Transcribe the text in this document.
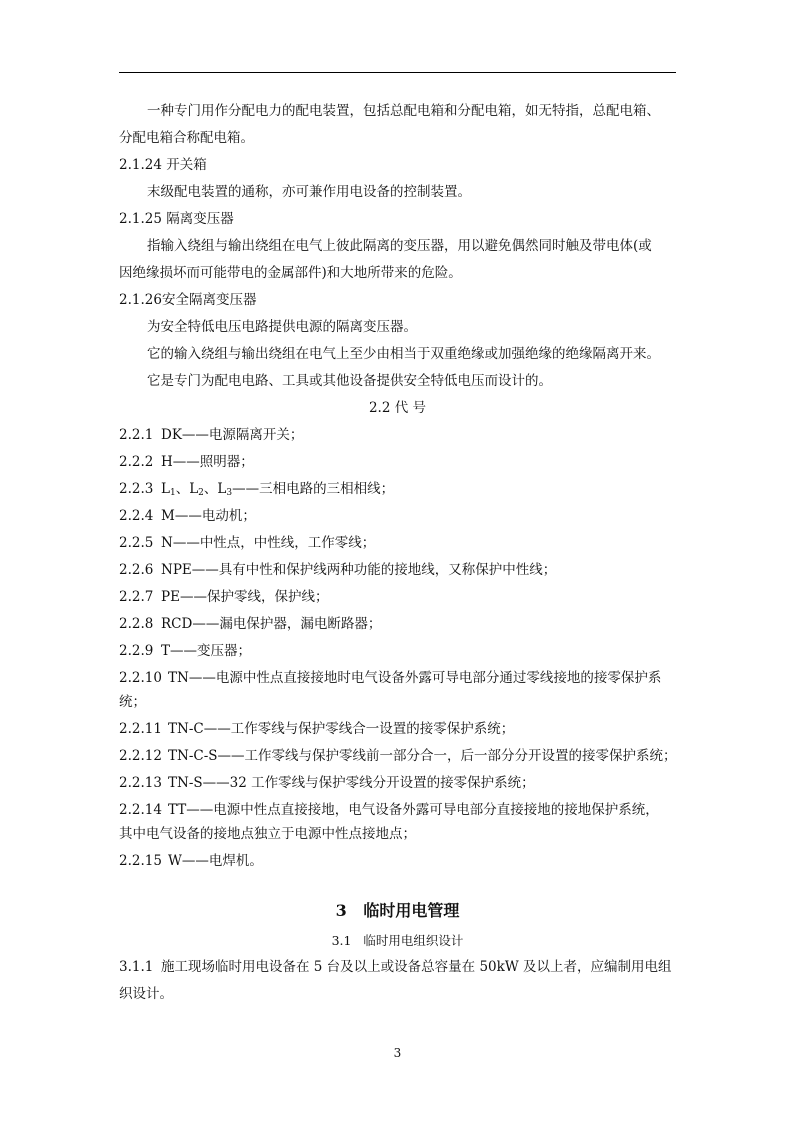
一种专门用作分配电力的配电装置，包括总配电箱和分配电箱，如无特指，总配电箱、
分配电箱合称配电箱。
2.1.24 开关箱
末级配电装置的通称，亦可兼作用电设备的控制装置。
2.1.25 隔离变压器
指输入绕组与输出绕组在电气上彼此隔离的变压器，用以避免偶然同时触及带电体(或
因绝缘损坏而可能带电的金属部件)和大地所带来的危险。
2.1.26安全隔离变压器
为安全特低电压电路提供电源的隔离变压器。
它的输入绕组与输出绕组在电气上至少由相当于双重绝缘或加强绝缘的绝缘隔离开来。
它是专门为配电电路、工具或其他设备提供安全特低电压而设计的。
2.2 代 号
2.2.1 DK——电源隔离开关；
2.2.2 H——照明器；
2.2.3 $L_1$、$L_2$、$L_3——$三相电路的三相相线；
2.2.4 M——电动机；
2.2.5 N——中性点，中性线，工作零线；
2.2.6 NPE——具有中性和保护线两种功能的接地线，又称保护中性线；
2.2.7 PE——保护零线，保护线；
2.2.8 RCD——漏电保护器，漏电断路器；
2.2.9 T——变压器；
2.2.10 TN——电源中性点直接接地时电气设备外露可导电部分通过零线接地的接零保护系
统；
2.2.11 TN-C——工作零线与保护零线合一设置的接零保护系统；
2.2.12 TN-C-S——工作零线与保护零线前一部分合一，后一部分分开设置的接零保护系统；
2.2.13 TN-S——32 工作零线与保护零线分开设置的接零保护系统；
2.2.14 TT——电源中性点直接接地，电气设备外露可导电部分直接接地的接地保护系统，
其中电气设备的接地点独立于电源中性点接地点；
2.2.15 W——电焊机。
3   临时用电管理
3.1   临时用电组织设计
3.1.1 施工现场临时用电设备在 5 台及以上或设备总容量在 50kW 及以上者，应编制用电组
织设计。
3
